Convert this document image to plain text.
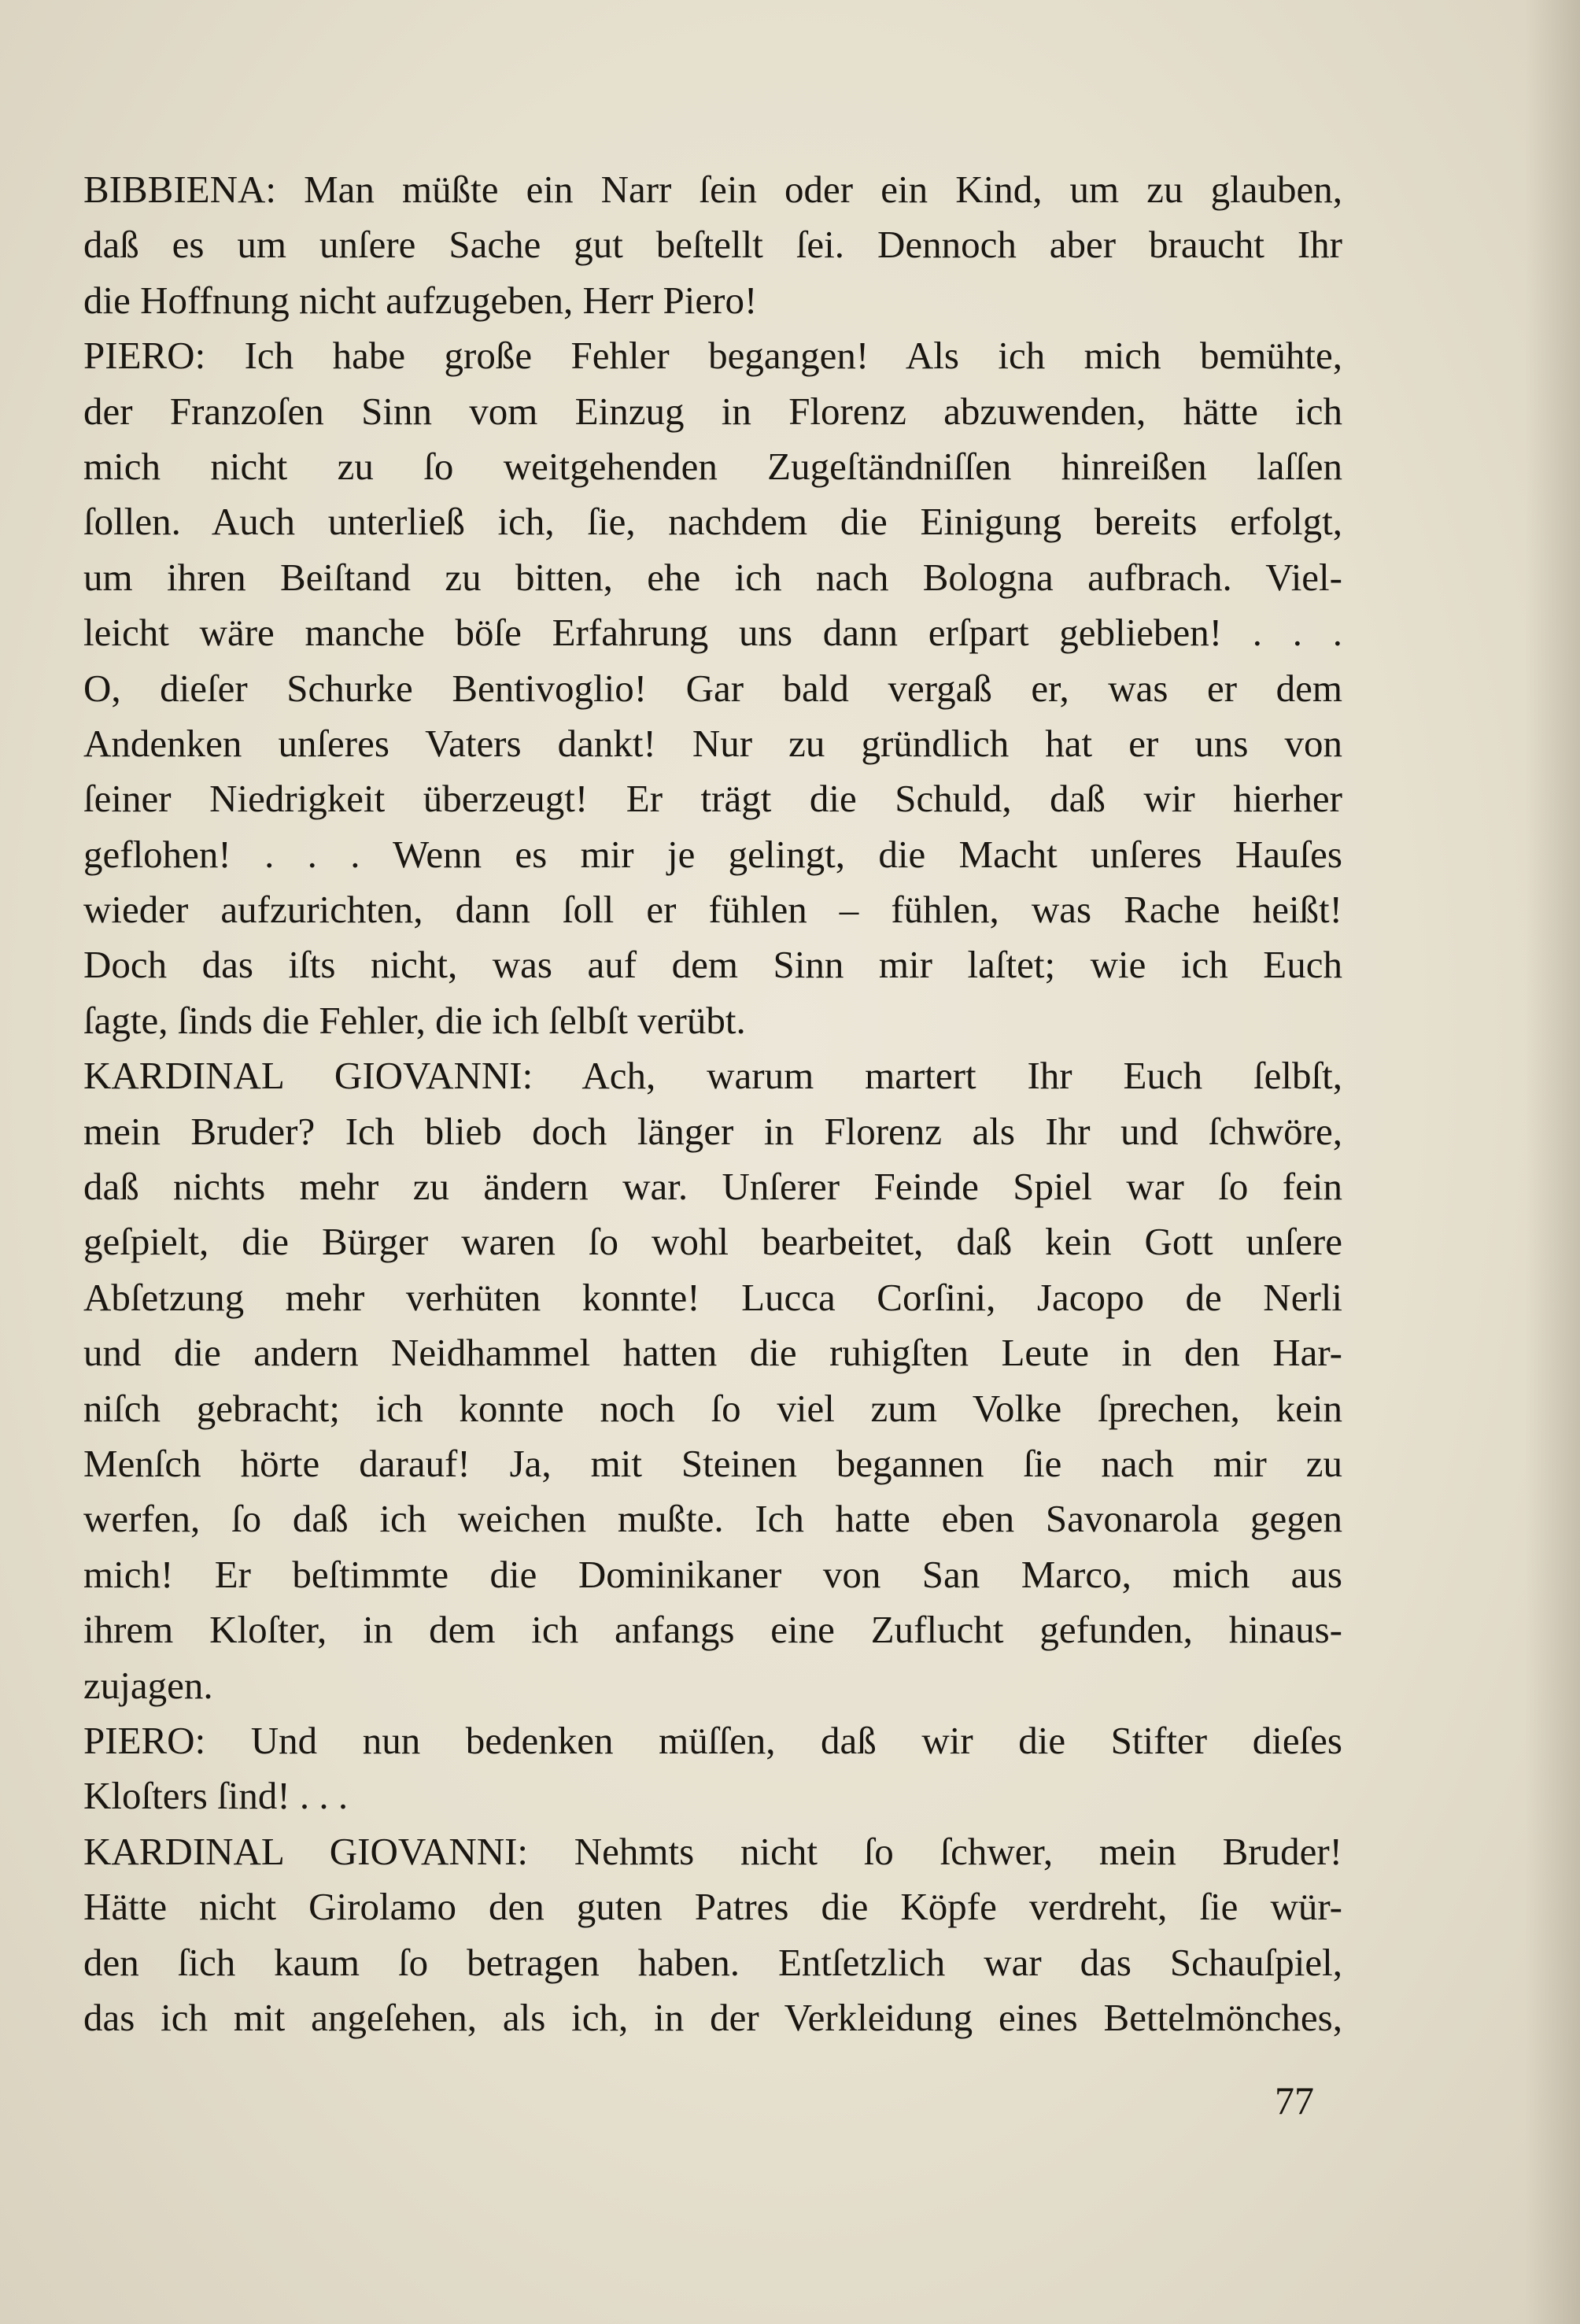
BIBBIENA: Man müßte ein Narr ſein oder ein Kind, um zu glauben,
daß es um unſere Sache gut beſtellt ſei. Dennoch aber braucht Ihr
die Hoffnung nicht aufzugeben, Herr Piero!
PIERO: Ich habe große Fehler begangen! Als ich mich bemühte,
der Franzoſen Sinn vom Einzug in Florenz abzuwenden, hätte ich
mich nicht zu ſo weitgehenden Zugeſtändniſſen hinreißen laſſen
ſollen. Auch unterließ ich, ſie, nachdem die Einigung bereits erfolgt,
um ihren Beiſtand zu bitten, ehe ich nach Bologna aufbrach. Viel-
leicht wäre manche böſe Erfahrung uns dann erſpart geblieben! . . .
O, dieſer Schurke Bentivoglio! Gar bald vergaß er, was er dem
Andenken unſeres Vaters dankt! Nur zu gründlich hat er uns von
ſeiner Niedrigkeit überzeugt! Er trägt die Schuld, daß wir hierher
geflohen! . . . Wenn es mir je gelingt, die Macht unſeres Hauſes
wieder aufzurichten, dann ſoll er fühlen – fühlen, was Rache heißt!
Doch das iſts nicht, was auf dem Sinn mir laſtet; wie ich Euch
ſagte, ſinds die Fehler, die ich ſelbſt verübt.
KARDINAL GIOVANNI: Ach, warum martert Ihr Euch ſelbſt,
mein Bruder? Ich blieb doch länger in Florenz als Ihr und ſchwöre,
daß nichts mehr zu ändern war. Unſerer Feinde Spiel war ſo fein
geſpielt, die Bürger waren ſo wohl bearbeitet, daß kein Gott unſere
Abſetzung mehr verhüten konnte! Lucca Corſini, Jacopo de Nerli
und die andern Neidhammel hatten die ruhigſten Leute in den Har-
niſch gebracht; ich konnte noch ſo viel zum Volke ſprechen, kein
Menſch hörte darauf! Ja, mit Steinen begannen ſie nach mir zu
werfen, ſo daß ich weichen mußte. Ich hatte eben Savonarola gegen
mich! Er beſtimmte die Dominikaner von San Marco, mich aus
ihrem Kloſter, in dem ich anfangs eine Zuflucht gefunden, hinaus-
zujagen.
PIERO: Und nun bedenken müſſen, daß wir die Stifter dieſes
Kloſters ſind! . . .
KARDINAL GIOVANNI: Nehmts nicht ſo ſchwer, mein Bruder!
Hätte nicht Girolamo den guten Patres die Köpfe verdreht, ſie wür-
den ſich kaum ſo betragen haben. Entſetzlich war das Schauſpiel,
das ich mit angeſehen, als ich, in der Verkleidung eines Bettelmönches,
77
